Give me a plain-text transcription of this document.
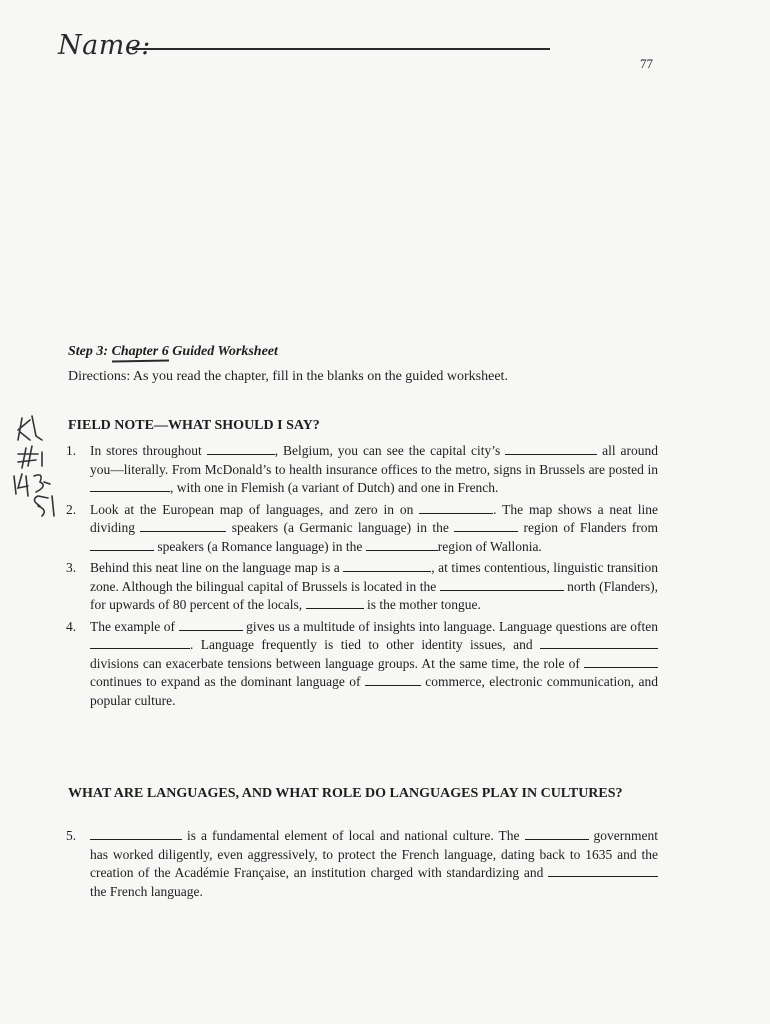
Name:
77
Step 3: Chapter 6 Guided Worksheet
Directions: As you read the chapter, fill in the blanks on the guided worksheet.
FIELD NOTE—WHAT SHOULD I SAY?
1. In stores throughout	, Belgium, you can see the capital city’s	all around you—literally. From McDonald’s to health insurance offices to the metro, signs in Brussels are posted in , with one in Flemish (a variant of Dutch) and one in French.
2. Look at the European map of languages, and zero in on	. The map shows a neat line dividing	speakers (a Germanic language) in the	region of Flanders from  speakers (a Romance language) in the	region of Wallonia.
3. Behind this neat line on the language map is a	, at times contentious, linguistic transition zone. Although the bilingual capital of Brussels is located in the	north (Flanders), for upwards of 80 percent of the locals,	is the mother tongue.
4. The example of	gives us a multitude of insights into language. Language questions are often . Language frequently is tied to other identity issues, and  divisions can exacerbate tensions between language groups. At the same time, the role of  continues to expand as the dominant language of	commerce, electronic communication, and popular culture.
WHAT ARE LANGUAGES, AND WHAT ROLE DO LANGUAGES PLAY IN CULTURES?
5.	is a fundamental element of local and national culture. The	government has worked diligently, even aggressively, to protect the French language, dating back to 1635 and the creation of the Académie Française, an institution charged with standardizing and  the French language.
